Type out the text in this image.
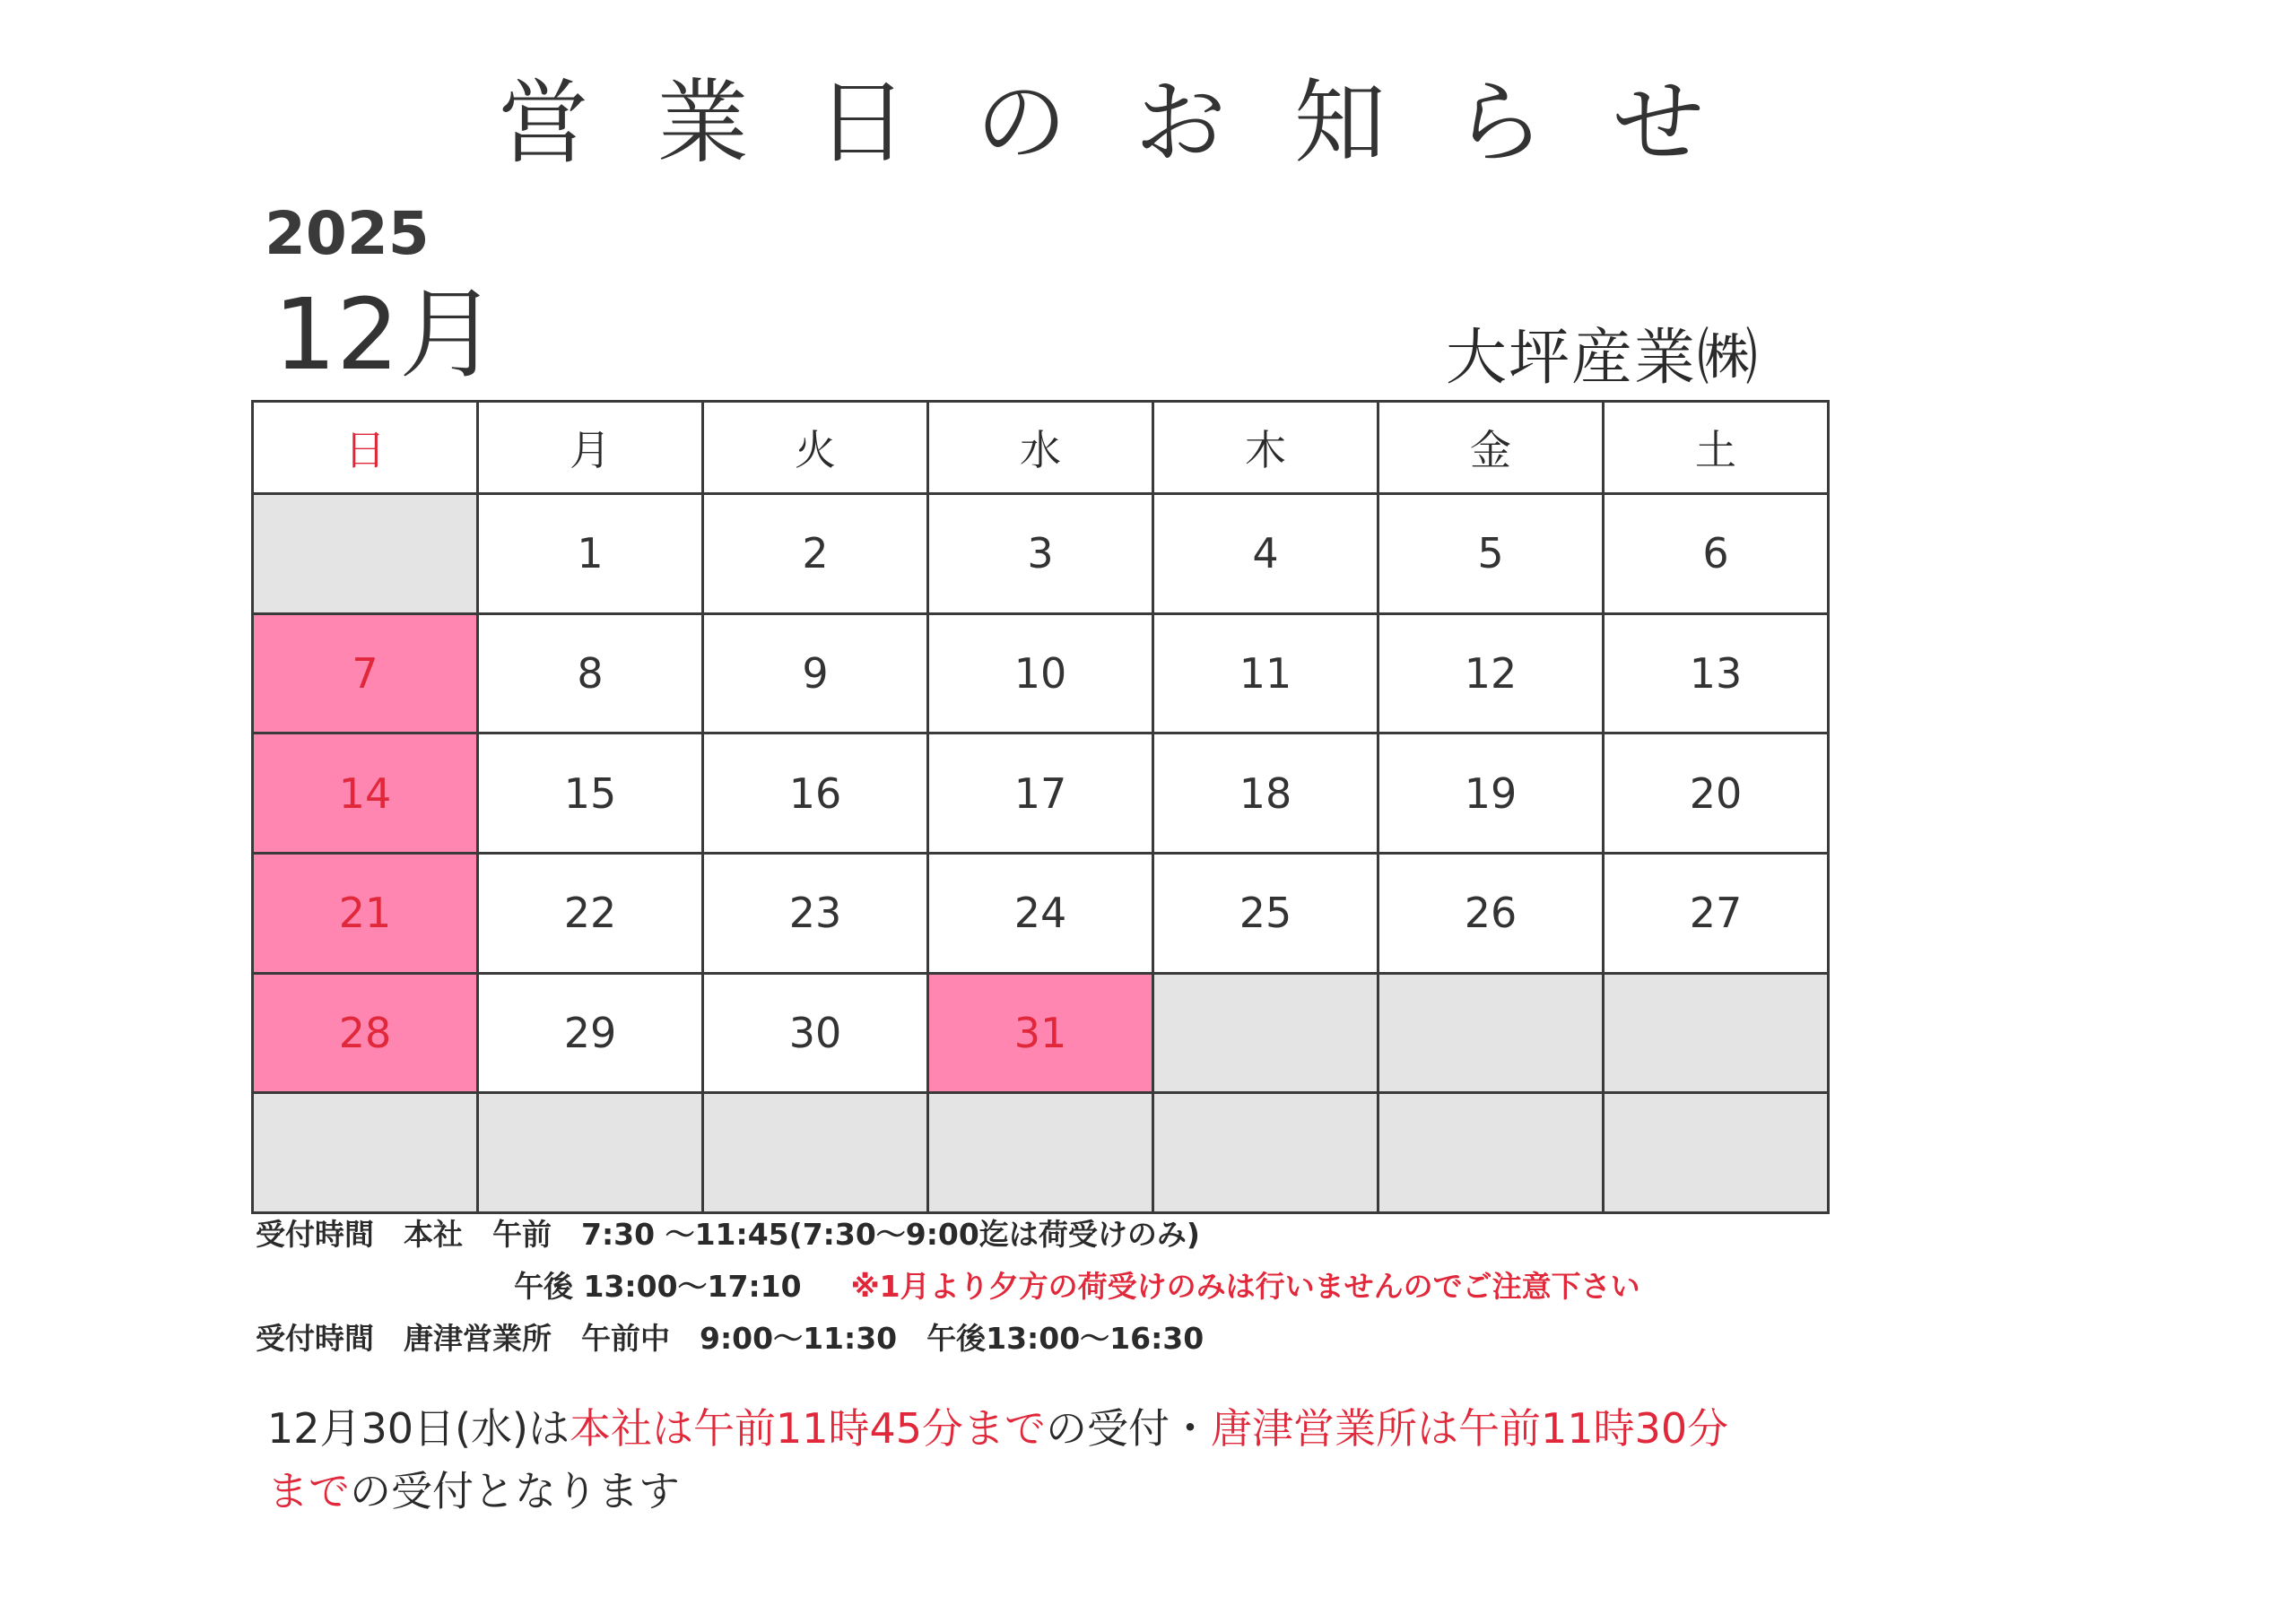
営 業 日 の お 知 ら せ
2025
12月	大坪産業㈱
日	月	火	水	木	金	土
	1	2	3	4	5	6
7	8	9	10	11	12	13
14	15	16	17	18	19	20
21	22	23	24	25	26	27
28	29	30	31			

受付時間　本社　午前　7:30 ～11:45(7:30～9:00迄は荷受けのみ)
午後 13:00～17:10 ※1月より夕方の荷受けのみは行いませんのでご注意下さい
受付時間　唐津営業所　午前中　9:00～11:30　午後13:00～16:30
12月30日(水)は本社は午前11時45分までの受付・唐津営業所は午前11時30分
までの受付となります
